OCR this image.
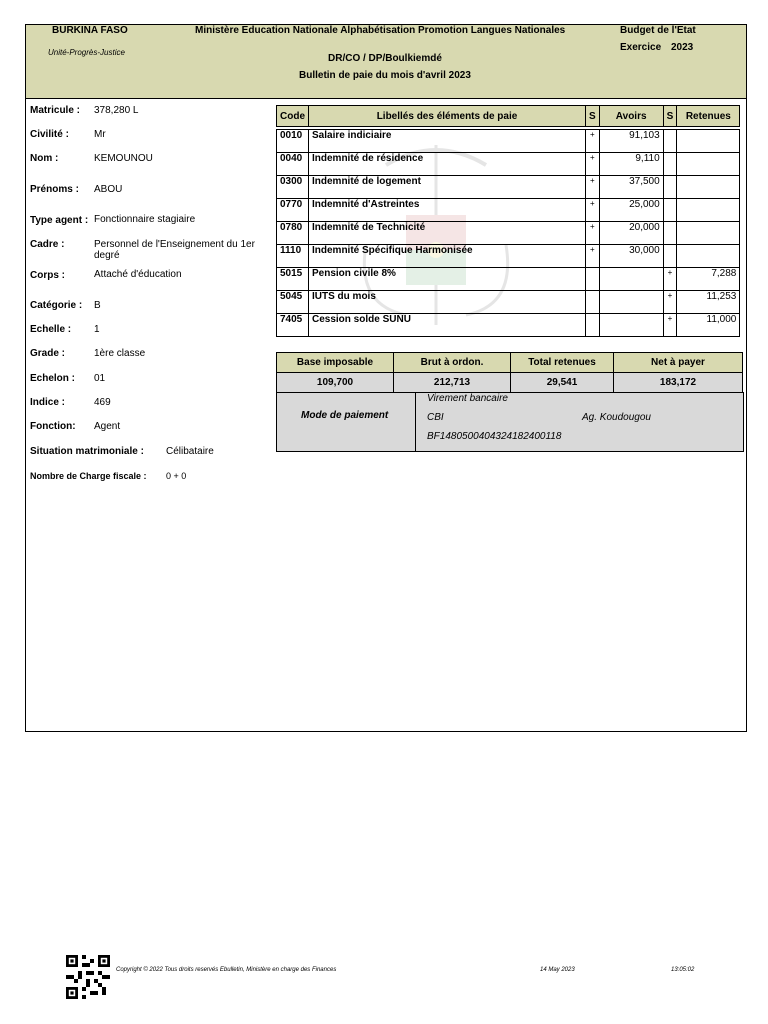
BURKINA FASO
Unité-Progrès-Justice
Ministère Education Nationale Alphabétisation Promotion Langues Nationales	Budget de l'Etat
Exercice 2023
DR/CO / DP/Boulkiemdé
Bulletin de paie du mois d'avril 2023
Matricule : 378,280 L
Civilité :	Mr
Nom :	KEMOUNOU
Prénoms : ABOU
Type agent : Fonctionnaire stagiaire
Cadre :	Personnel de l'Enseignement du 1er
degré
Corps :	Attaché d'éducation
Catégorie : B
Echelle : 1
Grade :	1ère classe
Echelon : 01
Indice :	469
Fonction: Agent
Situation matrimoniale : Célibataire
Nombre de Charge fiscale : 0 + 0
Code	Libellés des éléments de paie	S	Avoirs	S	Retenues

0010	Salaire indiciaire	+	91,103		
0040	Indemnité de résidence	+	9,110		
0300	Indemnité de logement	+	37,500		
0770	Indemnité d'Astreintes	+	25,000		
0780	Indemnité de Technicité	+	20,000		
1110	Indemnité Spécifique Harmonisée	+	30,000		
5015	Pension civile 8%			+	7,288
5045	IUTS du mois			+	11,253
7405	Cession solde SUNU			+	11,000
Base imposable	Brut à ordon.	Total retenues	Net à payer
109,700	212,713	29,541	183,172
Mode de paiement
Virement bancaire
CBI	Ag. Koudougou
BF1480500404324182400118
Copyright © 2022 Tous droits reservés Ebulletin, Ministère en charge des Finances	14 May 2023	13:05:02
